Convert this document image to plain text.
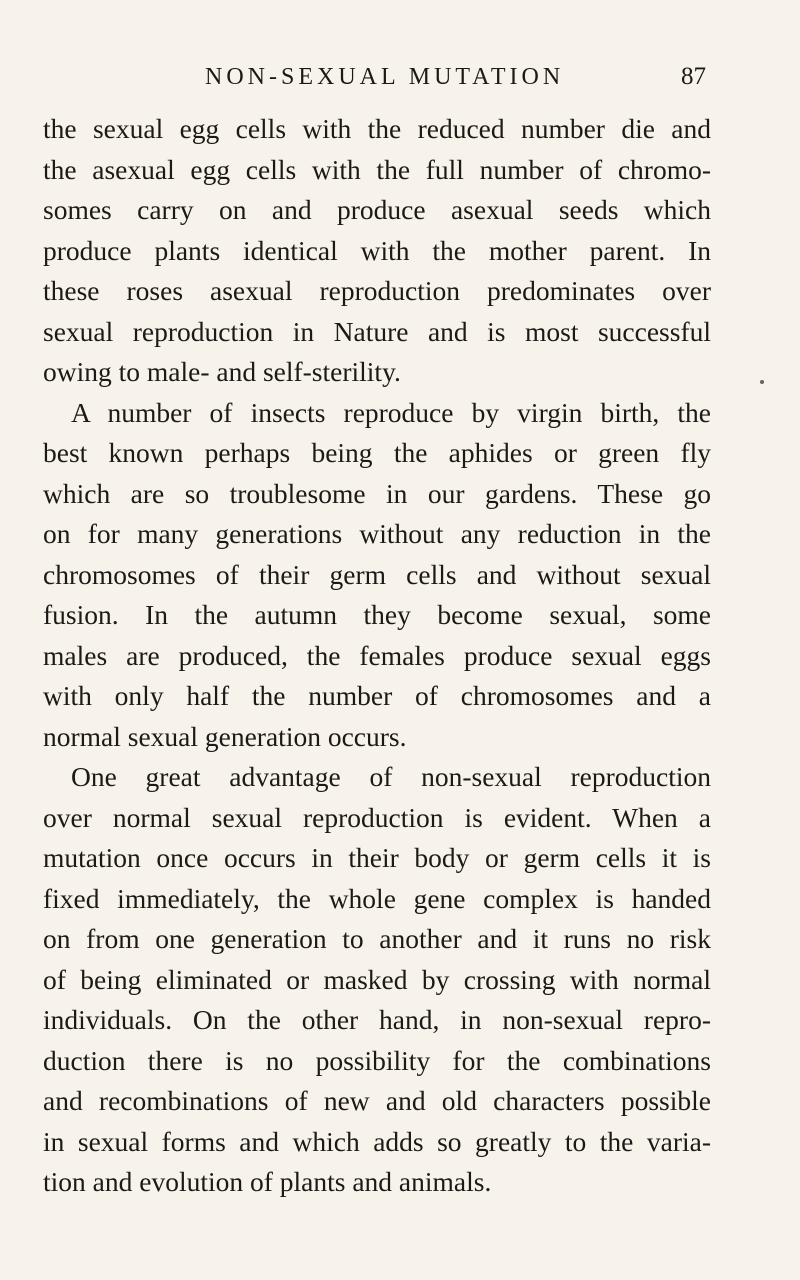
NON-SEXUAL MUTATION	87
the sexual egg cells with the reduced number die and
the asexual egg cells with the full number of chromo-
somes carry on and produce asexual seeds which
produce plants identical with the mother parent. In
these roses asexual reproduction predominates over
sexual reproduction in Nature and is most successful
owing to male- and self-sterility.
A number of insects reproduce by virgin birth, the
best known perhaps being the aphides or green fly
which are so troublesome in our gardens. These go
on for many generations without any reduction in the
chromosomes of their germ cells and without sexual
fusion. In the autumn they become sexual, some
males are produced, the females produce sexual eggs
with only half the number of chromosomes and a
normal sexual generation occurs.
One great advantage of non-sexual reproduction
over normal sexual reproduction is evident. When a
mutation once occurs in their body or germ cells it is
fixed immediately, the whole gene complex is handed
on from one generation to another and it runs no risk
of being eliminated or masked by crossing with normal
individuals. On the other hand, in non-sexual repro-
duction there is no possibility for the combinations
and recombinations of new and old characters possible
in sexual forms and which adds so greatly to the varia-
tion and evolution of plants and animals.
